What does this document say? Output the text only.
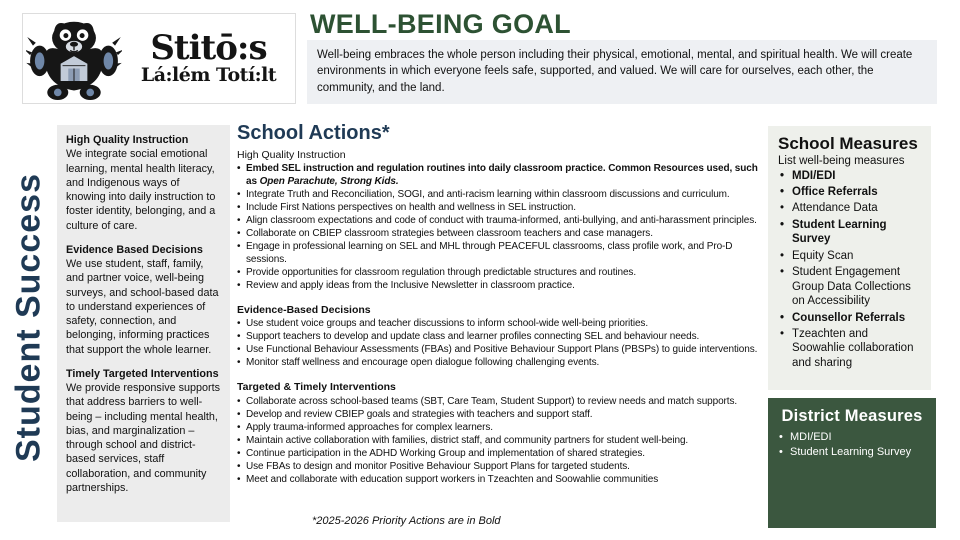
Stitō:s
Lá:lém Totí:lt
WELL-BEING GOAL

Well-being embraces the whole person including their physical, emotional, mental, and spiritual health. We will create environments in which everyone feels safe, supported, and valued. We will care for ourselves, each other, the community, and the land.

Student Success
High Quality Instruction

We integrate social emotional learning, mental health literacy, and Indigenous ways of knowing into daily instruction to foster identity, belonging, and a culture of care.

Evidence Based Decisions

We use student, staff, family, and partner voice, well-being surveys, and school-based data to understand experiences of safety, connection, and belonging, informing practices that support the whole learner.

Timely Targeted Interventions

We provide responsive supports that address barriers to well-being – including mental health, bias, and marginalization – through school and district-based services, staff collaboration, and community partnerships.

School Actions*
High Quality Instruction
• Embed SEL instruction and regulation routines into daily classroom practice. Common Resources used, such as Open Parachute, Strong Kids.
• Integrate Truth and Reconciliation, SOGI, and anti-racism learning within classroom discussions and curriculum.
• Include First Nations perspectives on health and wellness in SEL instruction.
• Align classroom expectations and code of conduct with trauma-informed, anti-bullying, and anti-harassment principles.
• Collaborate on CBIEP classroom strategies between classroom teachers and case managers.
• Engage in professional learning on SEL and MHL through PEACEFUL classrooms, class profile work, and Pro-D sessions.
• Provide opportunities for classroom regulation through predictable structures and routines.
• Review and apply ideas from the Inclusive Newsletter in classroom practice.
Evidence-Based Decisions
• Use student voice groups and teacher discussions to inform school-wide well-being priorities.
• Support teachers to develop and update class and learner profiles connecting SEL and behaviour needs.
• Use Functional Behaviour Assessments (FBAs) and Positive Behaviour Support Plans (PBSPs) to guide interventions.
• Monitor staff wellness and encourage open dialogue following challenging events.
Targeted & Timely Interventions
• Collaborate across school-based teams (SBT, Care Team, Student Support) to review needs and match supports.
• Develop and review CBIEP goals and strategies with teachers and support staff.
• Apply trauma-informed approaches for complex learners.
• Maintain active collaboration with families, district staff, and community partners for student well-being.
• Continue participation in the ADHD Working Group and implementation of shared strategies.
• Use FBAs to design and monitor Positive Behaviour Support Plans for targeted students.
• Meet and collaborate with education support workers in Tzeachten and Soowahlie communities
*2025-2026 Priority Actions are in Bold
School Measures

List well-being measures

• MDI/EDI
• Office Referrals
• Attendance Data
• Student Learning Survey
• Equity Scan
• Student Engagement Group Data Collections on Accessibility
• Counsellor Referrals
• Tzeachten and Soowahlie collaboration and sharing
District Measures
• MDI/EDI
• Student Learning Survey
